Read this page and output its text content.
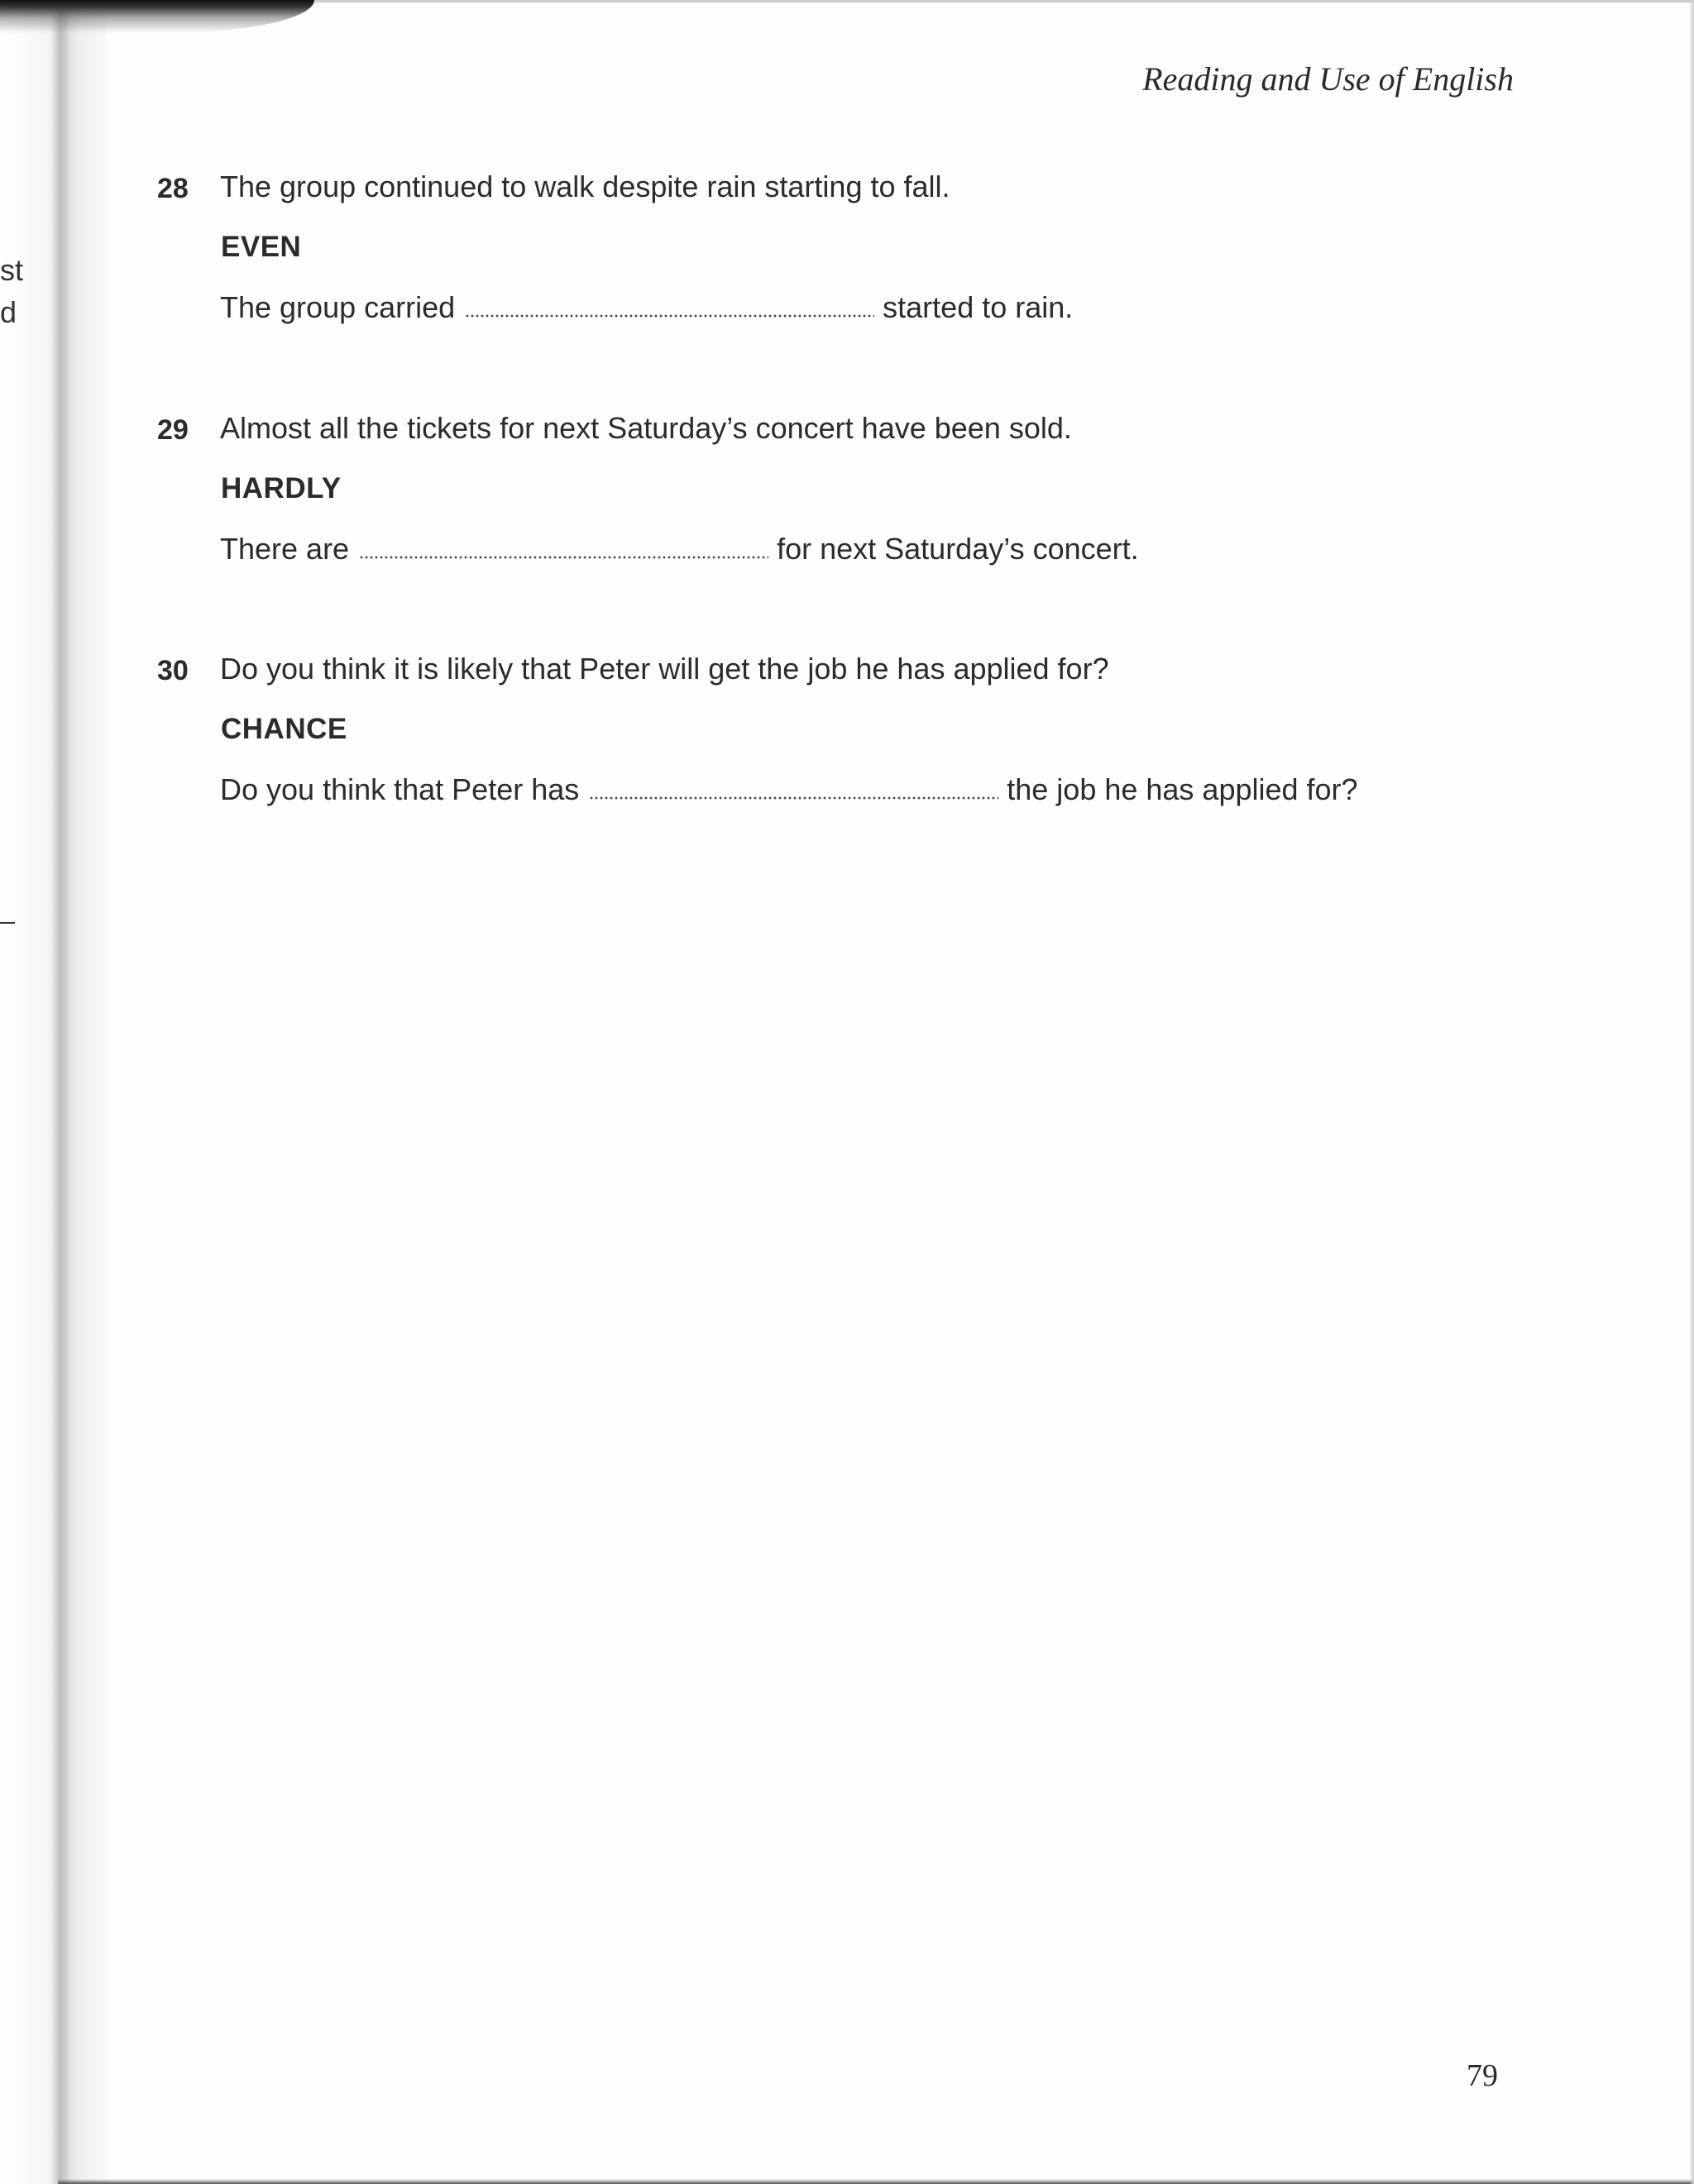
st
d
Reading and Use of English
28 The group continued to walk despite rain starting to fall.
EVEN
The group carried	started to rain.
29 Almost all the tickets for next Saturday’s concert have been sold.
HARDLY
There are	for next Saturday’s concert.
30 Do you think it is likely that Peter will get the job he has applied for?
CHANCE
Do you think that Peter has	the job he has applied for?
79
